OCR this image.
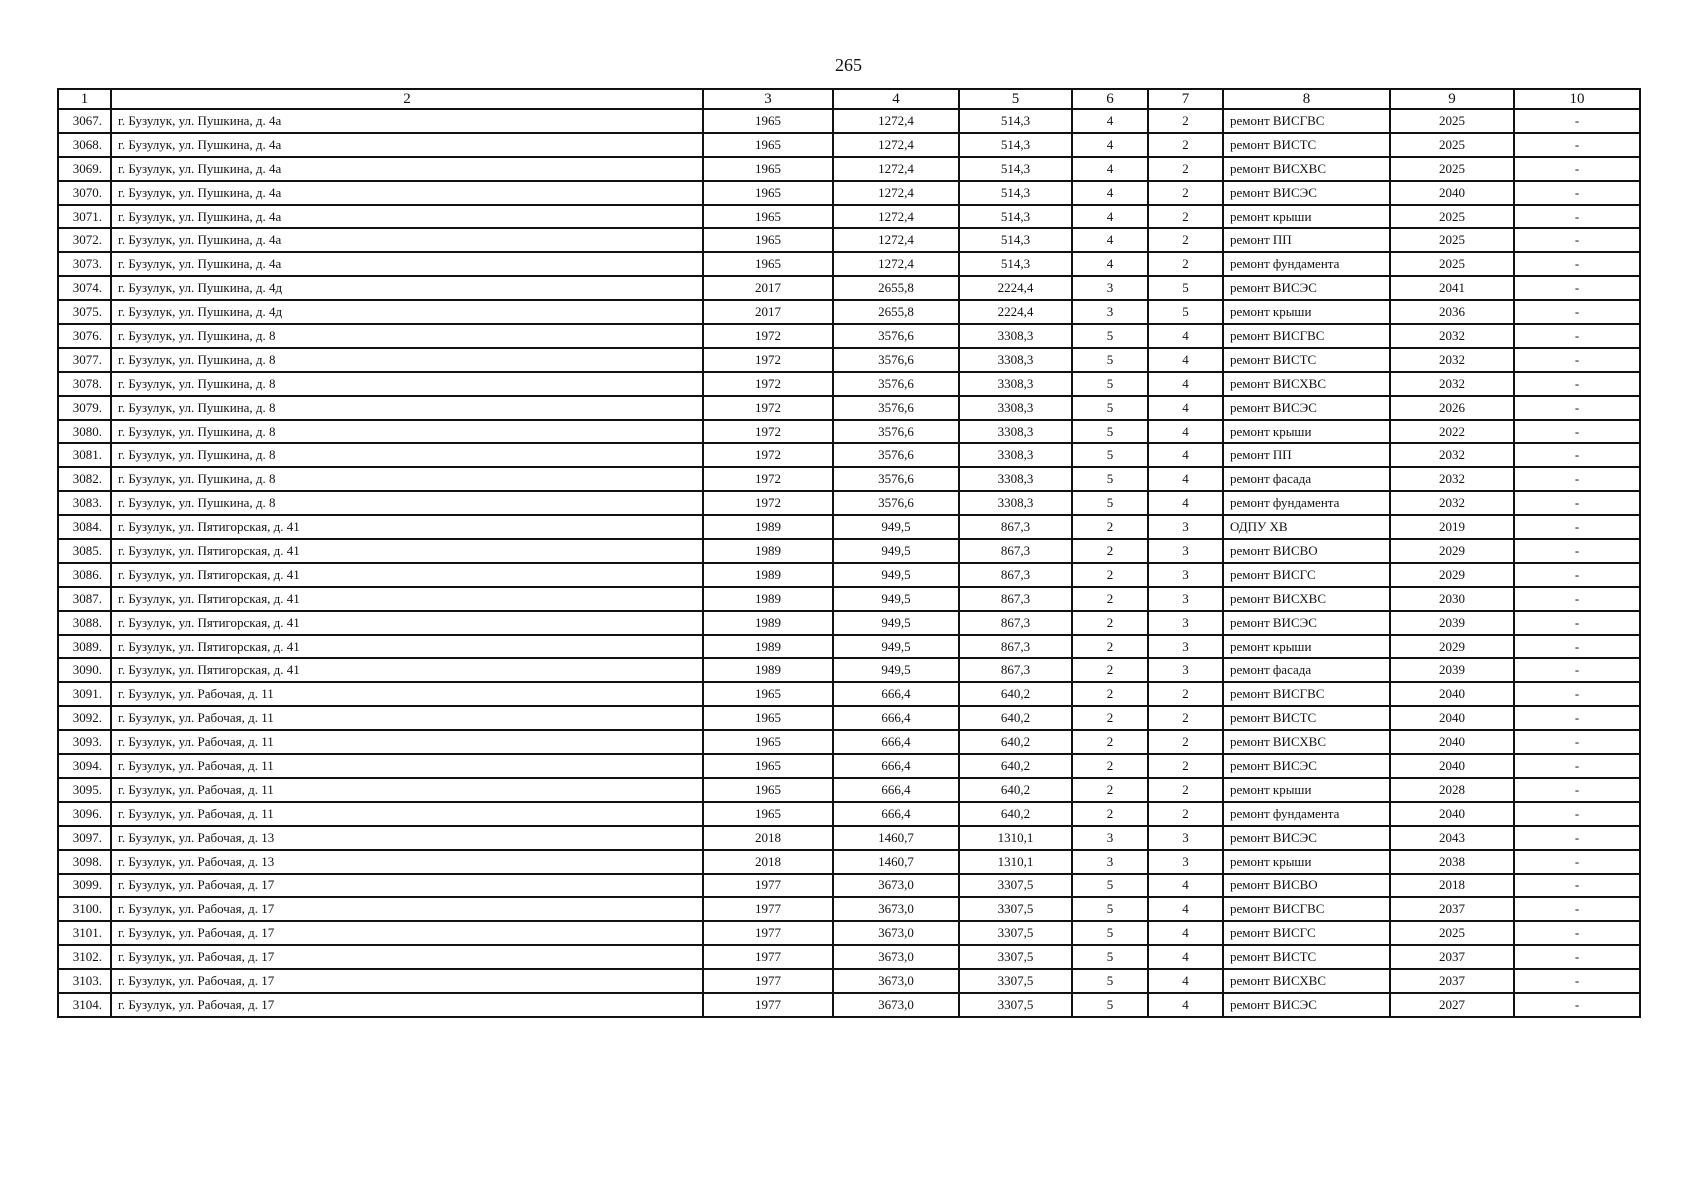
265
1	2	3	4	5	6	7	8	9	10
3067.	г. Бузулук, ул. Пушкина, д. 4а	1965	1272,4	514,3	4	2	ремонт ВИСГВС	2025	-
3068.	г. Бузулук, ул. Пушкина, д. 4а	1965	1272,4	514,3	4	2	ремонт ВИСТС	2025	-
3069.	г. Бузулук, ул. Пушкина, д. 4а	1965	1272,4	514,3	4	2	ремонт ВИСХВС	2025	-
3070.	г. Бузулук, ул. Пушкина, д. 4а	1965	1272,4	514,3	4	2	ремонт ВИСЭС	2040	-
3071.	г. Бузулук, ул. Пушкина, д. 4а	1965	1272,4	514,3	4	2	ремонт крыши	2025	-
3072.	г. Бузулук, ул. Пушкина, д. 4а	1965	1272,4	514,3	4	2	ремонт ПП	2025	-
3073.	г. Бузулук, ул. Пушкина, д. 4а	1965	1272,4	514,3	4	2	ремонт фундамента	2025	-
3074.	г. Бузулук, ул. Пушкина, д. 4д	2017	2655,8	2224,4	3	5	ремонт ВИСЭС	2041	-
3075.	г. Бузулук, ул. Пушкина, д. 4д	2017	2655,8	2224,4	3	5	ремонт крыши	2036	-
3076.	г. Бузулук, ул. Пушкина, д. 8	1972	3576,6	3308,3	5	4	ремонт ВИСГВС	2032	-
3077.	г. Бузулук, ул. Пушкина, д. 8	1972	3576,6	3308,3	5	4	ремонт ВИСТС	2032	-
3078.	г. Бузулук, ул. Пушкина, д. 8	1972	3576,6	3308,3	5	4	ремонт ВИСХВС	2032	-
3079.	г. Бузулук, ул. Пушкина, д. 8	1972	3576,6	3308,3	5	4	ремонт ВИСЭС	2026	-
3080.	г. Бузулук, ул. Пушкина, д. 8	1972	3576,6	3308,3	5	4	ремонт крыши	2022	-
3081.	г. Бузулук, ул. Пушкина, д. 8	1972	3576,6	3308,3	5	4	ремонт ПП	2032	-
3082.	г. Бузулук, ул. Пушкина, д. 8	1972	3576,6	3308,3	5	4	ремонт фасада	2032	-
3083.	г. Бузулук, ул. Пушкина, д. 8	1972	3576,6	3308,3	5	4	ремонт фундамента	2032	-
3084.	г. Бузулук, ул. Пятигорская, д. 41	1989	949,5	867,3	2	3	ОДПУ ХВ	2019	-
3085.	г. Бузулук, ул. Пятигорская, д. 41	1989	949,5	867,3	2	3	ремонт ВИСВО	2029	-
3086.	г. Бузулук, ул. Пятигорская, д. 41	1989	949,5	867,3	2	3	ремонт ВИСГС	2029	-
3087.	г. Бузулук, ул. Пятигорская, д. 41	1989	949,5	867,3	2	3	ремонт ВИСХВС	2030	-
3088.	г. Бузулук, ул. Пятигорская, д. 41	1989	949,5	867,3	2	3	ремонт ВИСЭС	2039	-
3089.	г. Бузулук, ул. Пятигорская, д. 41	1989	949,5	867,3	2	3	ремонт крыши	2029	-
3090.	г. Бузулук, ул. Пятигорская, д. 41	1989	949,5	867,3	2	3	ремонт фасада	2039	-
3091.	г. Бузулук, ул. Рабочая, д. 11	1965	666,4	640,2	2	2	ремонт ВИСГВС	2040	-
3092.	г. Бузулук, ул. Рабочая, д. 11	1965	666,4	640,2	2	2	ремонт ВИСТС	2040	-
3093.	г. Бузулук, ул. Рабочая, д. 11	1965	666,4	640,2	2	2	ремонт ВИСХВС	2040	-
3094.	г. Бузулук, ул. Рабочая, д. 11	1965	666,4	640,2	2	2	ремонт ВИСЭС	2040	-
3095.	г. Бузулук, ул. Рабочая, д. 11	1965	666,4	640,2	2	2	ремонт крыши	2028	-
3096.	г. Бузулук, ул. Рабочая, д. 11	1965	666,4	640,2	2	2	ремонт фундамента	2040	-
3097.	г. Бузулук, ул. Рабочая, д. 13	2018	1460,7	1310,1	3	3	ремонт ВИСЭС	2043	-
3098.	г. Бузулук, ул. Рабочая, д. 13	2018	1460,7	1310,1	3	3	ремонт крыши	2038	-
3099.	г. Бузулук, ул. Рабочая, д. 17	1977	3673,0	3307,5	5	4	ремонт ВИСВО	2018	-
3100.	г. Бузулук, ул. Рабочая, д. 17	1977	3673,0	3307,5	5	4	ремонт ВИСГВС	2037	-
3101.	г. Бузулук, ул. Рабочая, д. 17	1977	3673,0	3307,5	5	4	ремонт ВИСГС	2025	-
3102.	г. Бузулук, ул. Рабочая, д. 17	1977	3673,0	3307,5	5	4	ремонт ВИСТС	2037	-
3103.	г. Бузулук, ул. Рабочая, д. 17	1977	3673,0	3307,5	5	4	ремонт ВИСХВС	2037	-
3104.	г. Бузулук, ул. Рабочая, д. 17	1977	3673,0	3307,5	5	4	ремонт ВИСЭС	2027	-
